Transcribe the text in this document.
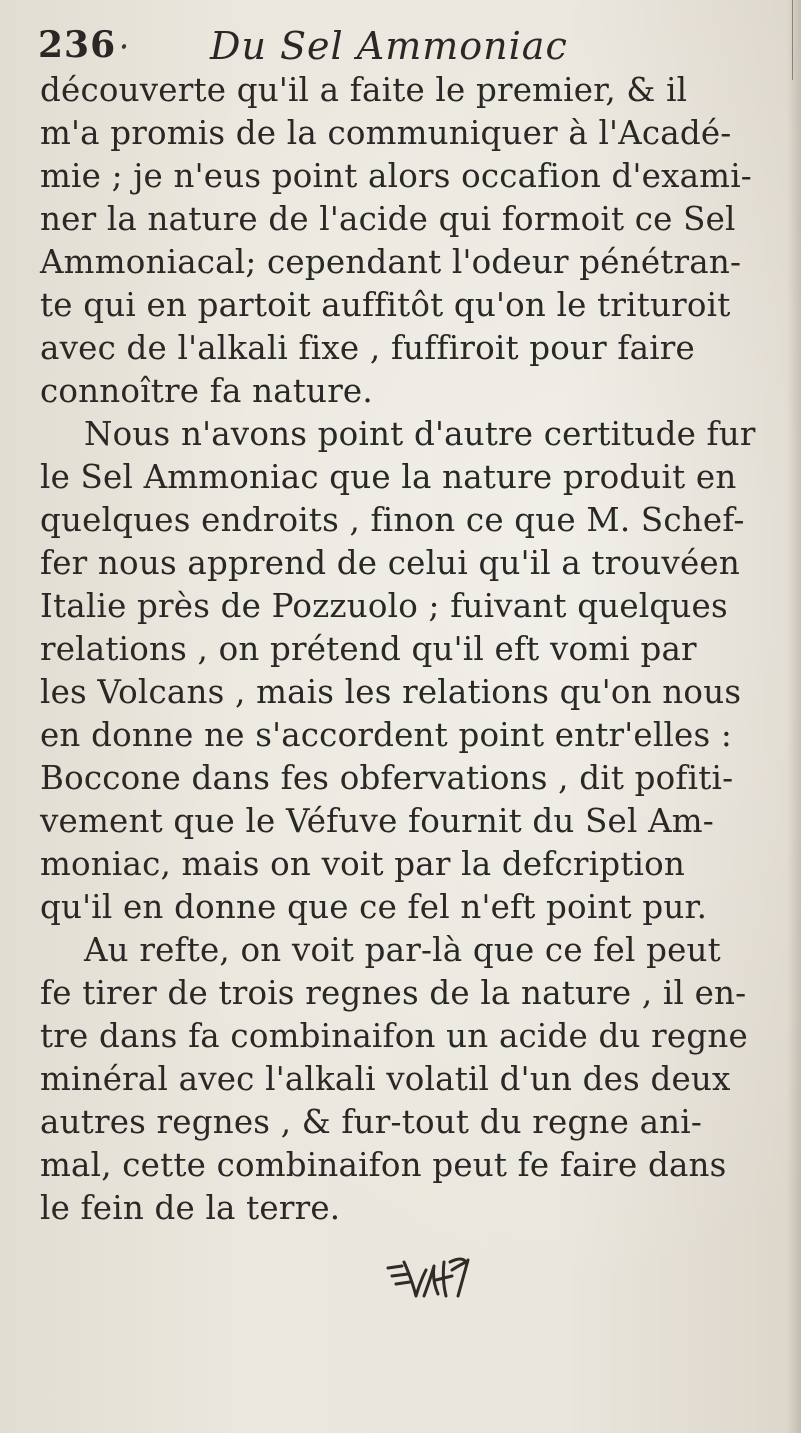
236 Du Sel Ammoniac
découverte qu'il a faite le premier, & il
m'a promis de la communiquer à l'Acadé-
mie ; je n'eus point alors occafion d'exami-
ner la nature de l'acide qui formoit ce Sel
Ammoniacal; cependant l'odeur pénétran-
te qui en partoit auffitôt qu'on le trituroit
avec de l'alkali fixe , fuffiroit pour faire
connoître fa nature.
Nous n'avons point d'autre certitude fur
le Sel Ammoniac que la nature produit en
quelques endroits , finon ce que M. Schef-
fer nous apprend de celui qu'il a trouvéen
Italie près de Pozzuolo ; fuivant quelques
relations , on prétend qu'il eft vomi par
les Volcans , mais les relations qu'on nous
en donne ne s'accordent point entr'elles :
Boccone dans fes obfervations , dit pofiti-
vement que le Véfuve fournit du Sel Am-
moniac, mais on voit par la defcription
qu'il en donne que ce fel n'eft point pur.
Au refte, on voit par-là que ce fel peut
fe tirer de trois regnes de la nature , il en-
tre dans fa combinaifon un acide du regne
minéral avec l'alkali volatil d'un des deux
autres regnes , & fur-tout du regne ani-
mal, cette combinaifon peut fe faire dans
le fein de la terre.
